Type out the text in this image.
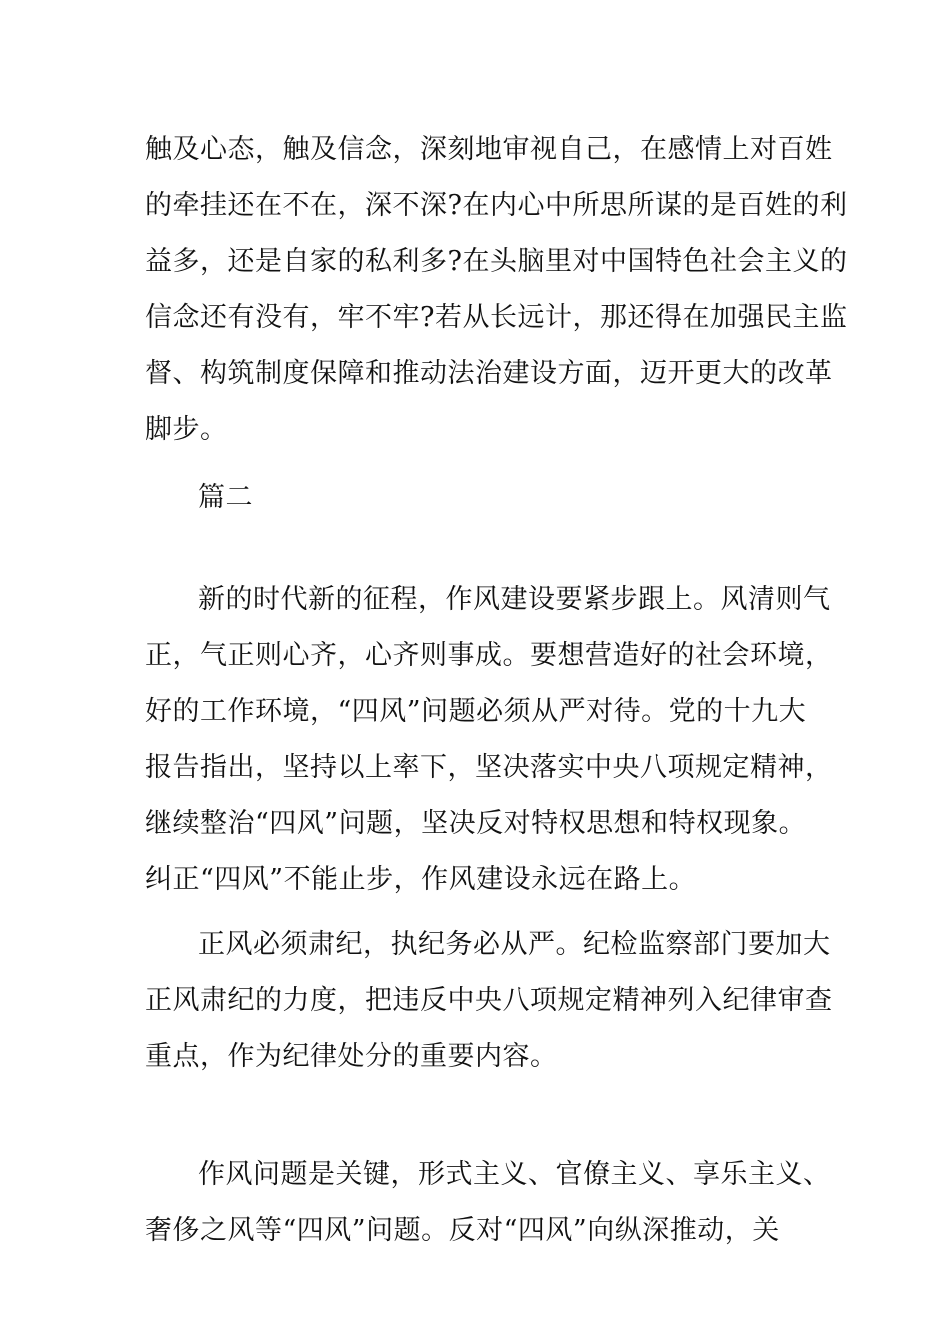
触及心态，触及信念，深刻地审视自己，在感情上对百姓
的牵挂还在不在，深不深?在内心中所思所谋的是百姓的利
益多，还是自家的私利多?在头脑里对中国特色社会主义的
信念还有没有，牢不牢?若从长远计，那还得在加强民主监
督、构筑制度保障和推动法治建设方面，迈开更大的改革
脚步。
篇二
新的时代新的征程，作风建设要紧步跟上。风清则气
正，气正则心齐，心齐则事成。要想营造好的社会环境，
好的工作环境，“四风”问题必须从严对待。党的十九大
报告指出，坚持以上率下，坚决落实中央八项规定精神，
继续整治“四风”问题，坚决反对特权思想和特权现象。
纠正“四风”不能止步，作风建设永远在路上。
正风必须肃纪，执纪务必从严。纪检监察部门要加大
正风肃纪的力度，把违反中央八项规定精神列入纪律审查
重点，作为纪律处分的重要内容。
作风问题是关键，形式主义、官僚主义、享乐主义、
奢侈之风等“四风”问题。反对“四风”向纵深推动，关
